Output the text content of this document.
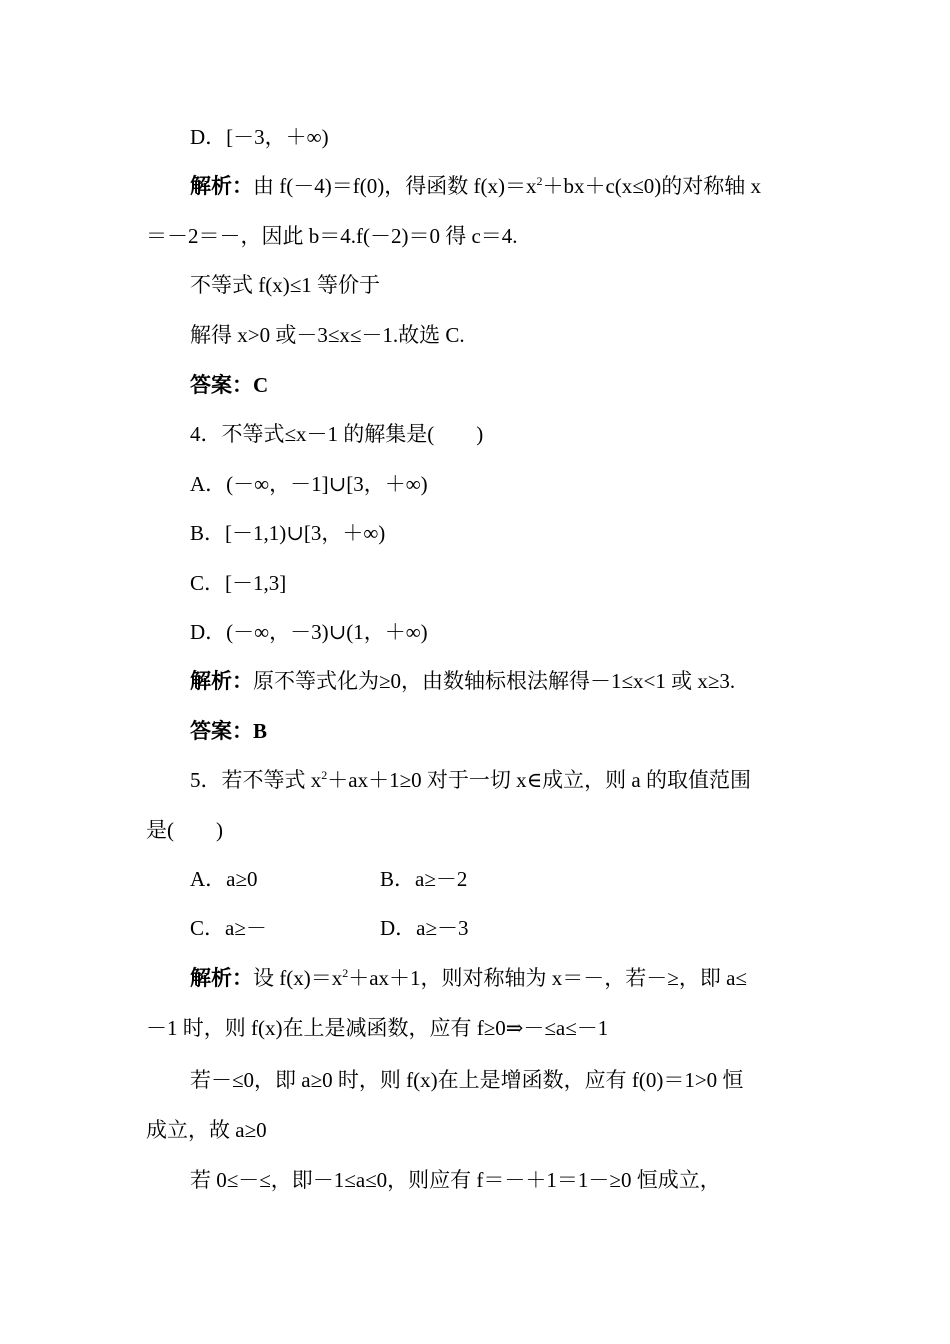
D．[－3，＋∞)
解析：由 f(－4)＝f(0)，得函数 $f(x)=x^2+bx+c(x\le 0)$的对称轴 x
＝－2＝－，因此 b＝4.f(－2)＝0 得 c＝4.
不等式 f(x)≤1 等价于
解得 x>0 或－3≤x≤－1.故选 C.
答案：C
4．不等式≤x－1 的解集是(　　)
A．(－∞，－1]∪[3，＋∞)
B．[－1,1)∪[3，＋∞)
C．[－1,3]
D．(－∞，－3)∪(1，＋∞)
解析：原不等式化为≥0，由数轴标根法解得－1≤x<1 或 x≥3.
答案：B
5．若不等式 $x^2+ax+1\ge 0$ 对于一切 x∈成立，则 a 的取值范围
是(　　)
A．a≥0	B．a≥－2
C．a≥－	D．a≥－3
解析：设 $f(x)=x^2+ax+1$，则对称轴为 x＝－，若－≥，即 a≤
－1 时，则 f(x)在上是减函数，应有 f≥0⇒－≤a≤－1
若－≤0，即 a≥0 时，则 f(x)在上是增函数，应有 f(0)＝1>0 恒
成立，故 a≥0
若 0≤－≤，即－1≤a≤0，则应有 f＝－＋1＝1－≥0 恒成立，
